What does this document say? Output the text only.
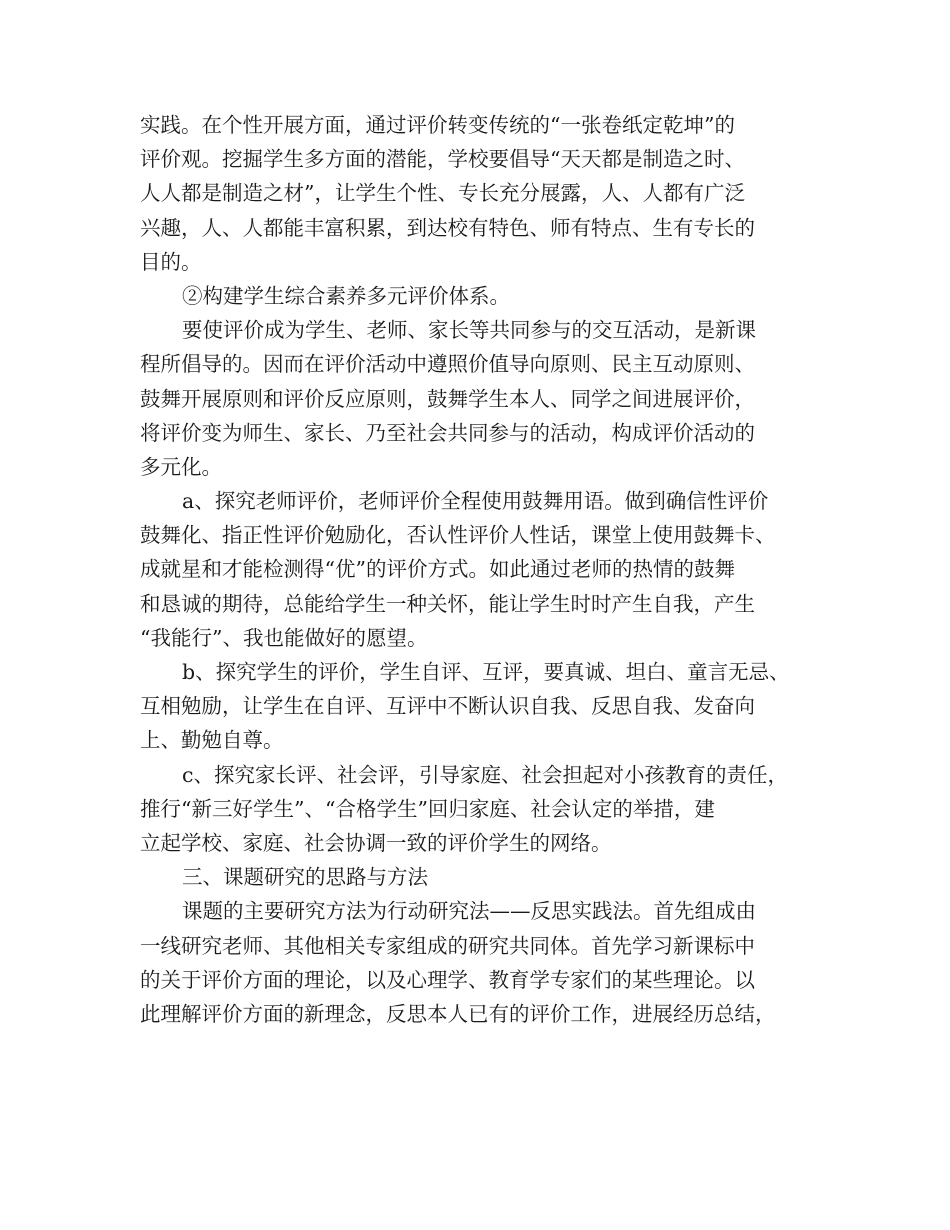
实践。在个性开展方面，通过评价转变传统的“一张卷纸定乾坤”的
评价观。挖掘学生多方面的潜能，学校要倡导“天天都是制造之时、
人人都是制造之材”，让学生个性、专长充分展露，人、人都有广泛
兴趣，人、人都能丰富积累，到达校有特色、师有特点、生有专长的
目的。
②构建学生综合素养多元评价体系。
要使评价成为学生、老师、家长等共同参与的交互活动，是新课
程所倡导的。因而在评价活动中遵照价值导向原则、民主互动原则、
鼓舞开展原则和评价反应原则，鼓舞学生本人、同学之间进展评价，
将评价变为师生、家长、乃至社会共同参与的活动，构成评价活动的
多元化。
a、探究老师评价，老师评价全程使用鼓舞用语。做到确信性评价
鼓舞化、指正性评价勉励化，否认性评价人性话，课堂上使用鼓舞卡、
成就星和才能检测得“优”的评价方式。如此通过老师的热情的鼓舞
和恳诚的期待，总能给学生一种关怀，能让学生时时产生自我，产生
“我能行”、我也能做好的愿望。
b、探究学生的评价，学生自评、互评，要真诚、坦白、童言无忌、
互相勉励，让学生在自评、互评中不断认识自我、反思自我、发奋向
上、勤勉自尊。
c、探究家长评、社会评，引导家庭、社会担起对小孩教育的责任，
推行“新三好学生”、“合格学生”回归家庭、社会认定的举措，建
立起学校、家庭、社会协调一致的评价学生的网络。
三、课题研究的思路与方法
课题的主要研究方法为行动研究法——反思实践法。首先组成由
一线研究老师、其他相关专家组成的研究共同体。首先学习新课标中
的关于评价方面的理论，以及心理学、教育学专家们的某些理论。以
此理解评价方面的新理念，反思本人已有的评价工作，进展经历总结，
